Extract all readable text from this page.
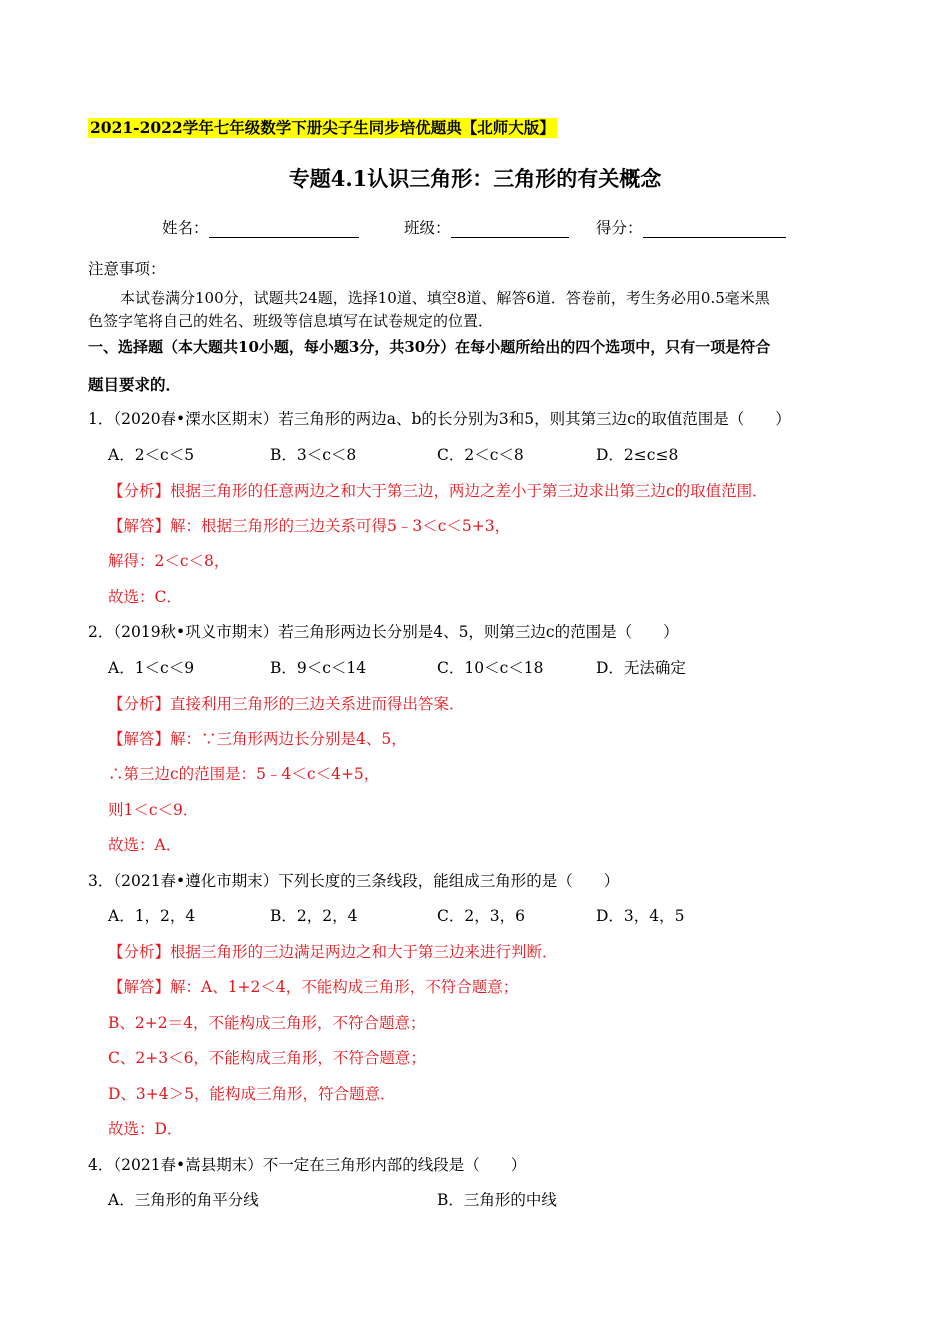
2021-2022学年七年级数学下册尖子生同步培优题典【北师大版】
专题4.1认识三角形：三角形的有关概念
姓名：	班级：	得分：
注意事项：
本试卷满分100分，试题共24题，选择10道、填空8道、解答6道．答卷前，考生务必用0.5毫米黑
色签字笔将自己的姓名、班级等信息填写在试卷规定的位置．
一、选择题（本大题共10小题，每小题3分，共30分）在每小题所给出的四个选项中，只有一项是符合
题目要求的．
1．（2020春•溧水区期末）若三角形的两边a、b的长分别为3和5，则其第三边c的取值范围是（　　）
A．2＜c＜5	B．3＜c＜8	C．2＜c＜8	D．2≤c≤8
【分析】根据三角形的任意两边之和大于第三边，两边之差小于第三边求出第三边c的取值范围．
【解答】解：根据三角形的三边关系可得5﹣3＜c＜5+3，
解得：2＜c＜8，
故选：C．
2．（2019秋•巩义市期末）若三角形两边长分别是4、5，则第三边c的范围是（　　）
A．1＜c＜9	B．9＜c＜14	C．10＜c＜18	D．无法确定
【分析】直接利用三角形的三边关系进而得出答案．
【解答】解：∵三角形两边长分别是4、5，
∴第三边c的范围是：5﹣4＜c＜4+5，
则1＜c＜9．
故选：A．
3．（2021春•遵化市期末）下列长度的三条线段，能组成三角形的是（　　）
A．1，2，4	B．2，2，4	C．2，3，6	D．3，4，5
【分析】根据三角形的三边满足两边之和大于第三边来进行判断．
【解答】解：A、1+2＜4，不能构成三角形，不符合题意；
B、2+2＝4，不能构成三角形，不符合题意；
C、2+3＜6，不能构成三角形，不符合题意；
D、3+4＞5，能构成三角形，符合题意．
故选：D．
4．（2021春•嵩县期末）不一定在三角形内部的线段是（　　）
A．三角形的角平分线	B．三角形的中线
